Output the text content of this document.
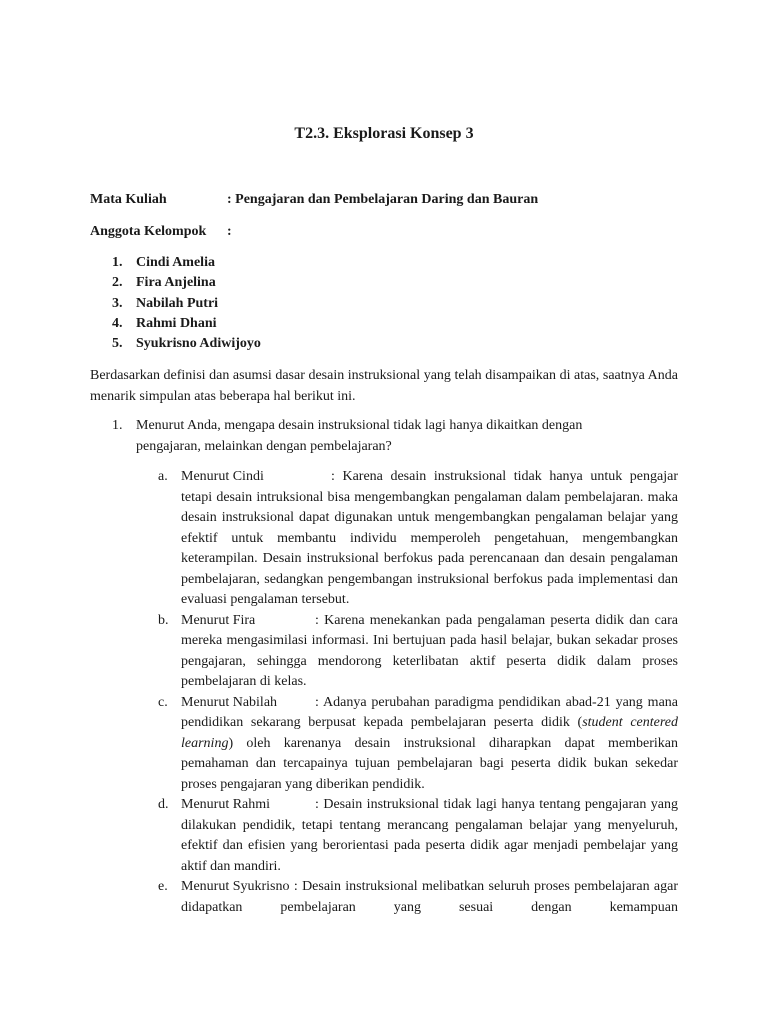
T2.3. Eksplorasi Konsep 3
Mata Kuliah	: Pengajaran dan Pembelajaran Daring dan Bauran
Anggota Kelompok :
1. Cindi Amelia
2. Fira Anjelina
3. Nabilah Putri
4. Rahmi Dhani
5. Syukrisno Adiwijoyo

Berdasarkan definisi dan asumsi dasar desain instruksional yang telah disampaikan di atas, saatnya Anda menarik simpulan atas beberapa hal berikut ini.

1. Menurut Anda, mengapa desain instruksional tidak lagi hanya dikaitkan dengan pengajaran, melainkan dengan pembelajaran?

a. Menurut Cindi	: Karena desain instruksional tidak hanya untuk pengajar tetapi desain intruksional bisa mengembangkan pengalaman dalam pembelajaran. maka desain instruksional dapat digunakan untuk mengembangkan pengalaman belajar yang efektif untuk membantu individu memperoleh pengetahuan, mengembangkan keterampilan. Desain instruksional berfokus pada perencanaan dan desain pengalaman pembelajaran, sedangkan pengembangan instruksional berfokus pada implementasi dan evaluasi pengalaman tersebut.
b. Menurut Fira	: Karena menekankan pada pengalaman peserta didik dan cara mereka mengasimilasi informasi. Ini bertujuan pada hasil belajar, bukan sekadar proses pengajaran, sehingga mendorong keterlibatan aktif peserta didik dalam proses pembelajaran di kelas.
c. Menurut Nabilah	: Adanya perubahan paradigma pendidikan abad-21 yang mana pendidikan sekarang berpusat kepada pembelajaran peserta didik (student centered learning) oleh karenanya desain instruksional diharapkan dapat memberikan pemahaman dan tercapainya tujuan pembelajaran bagi peserta didik bukan sekedar proses pengajaran yang diberikan pendidik.
d. Menurut Rahmi	: Desain instruksional tidak lagi hanya tentang pengajaran yang dilakukan pendidik, tetapi tentang merancang pengalaman belajar yang menyeluruh, efektif dan efisien yang berorientasi pada peserta didik agar menjadi pembelajar yang aktif dan mandiri.
e. Menurut Syukrisno : Desain instruksional melibatkan seluruh proses pembelajaran agar didapatkan pembelajaran yang sesuai dengan kemampuan
